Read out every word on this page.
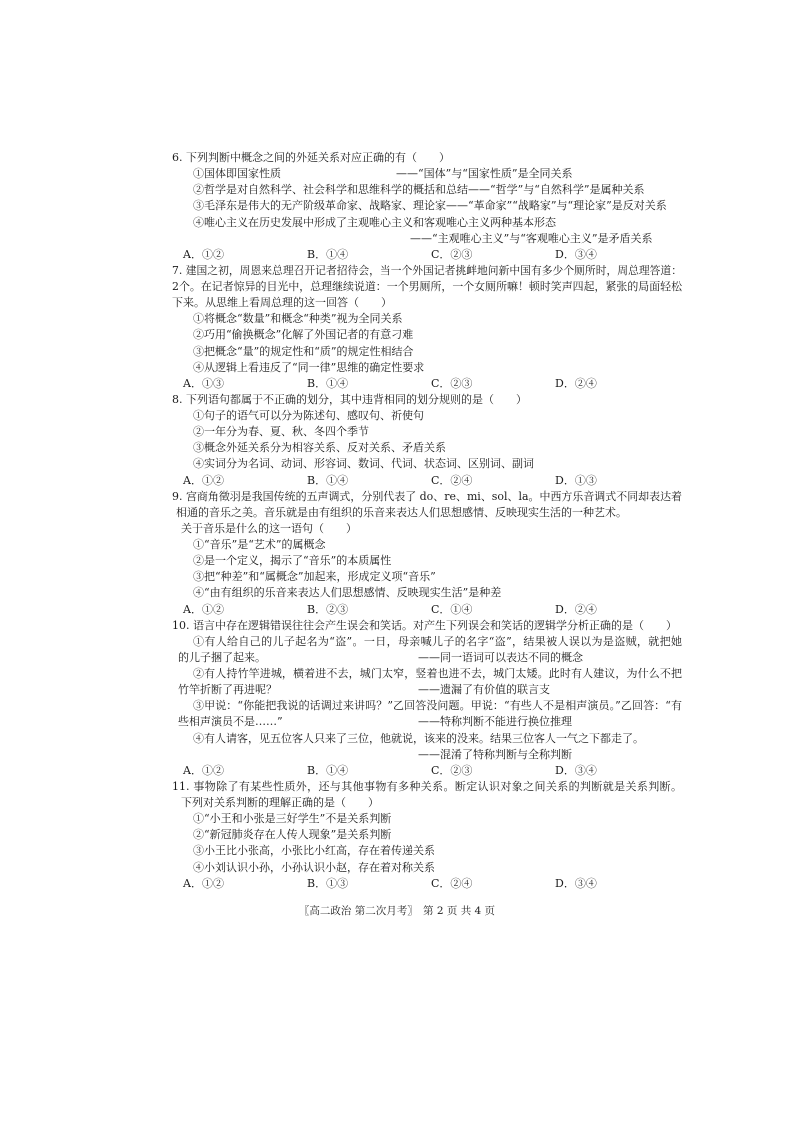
6. 下列判断中概念之间的外延关系对应正确的有（　　）
①国体即国家性质	——“国体”与“国家性质”是全同关系
②哲学是对自然科学、社会科学和思维科学的概括和总结——“哲学”与“自然科学”是属种关系
③毛泽东是伟大的无产阶级革命家、战略家、理论家——“革命家”“战略家”与“理论家”是反对关系
④唯心主义在历史发展中形成了主观唯心主义和客观唯心主义两种基本形态
——“主观唯心主义”与“客观唯心主义”是矛盾关系
A．①②	B．①④	C．②③	D．③④
7. 建国之初，周恩来总理召开记者招待会，当一个外国记者挑衅地问新中国有多少个厕所时，周总理答道：
2个。在记者惊异的目光中，总理继续说道：一个男厕所，一个女厕所嘛！顿时笑声四起，紧张的局面轻松
下来。从思维上看周总理的这一回答（　　）
①将概念“数量”和概念“种类”视为全同关系
②巧用“偷换概念”化解了外国记者的有意刁难
③把概念“量”的规定性和“质”的规定性相结合
④从逻辑上看违反了“同一律”思维的确定性要求
A．①③	B．①④	C．②③	D．②④
8. 下列语句都属于不正确的划分，其中违背相同的划分规则的是（　　）
①句子的语气可以分为陈述句、感叹句、祈使句
②一年分为春、夏、秋、冬四个季节
③概念外延关系分为相容关系、反对关系、矛盾关系
④实词分为名词、动词、形容词、数词、代词、状态词、区别词、副词
A．①②	B．①④	C．②④	D．①③
9. 宫商角徵羽是我国传统的五声调式，分别代表了 do、re、mi、sol、la。中西方乐音调式不同却表达着
相通的音乐之美。音乐就是由有组织的乐音来表达人们思想感情、反映现实生活的一种艺术。
关于音乐是什么的这一语句（　　）
①“音乐”是“艺术”的属概念
②是一个定义，揭示了“音乐”的本质属性
③把“种差”和“属概念”加起来，形成定义项“音乐”
④“由有组织的乐音来表达人们思想感情、反映现实生活”是种差
A．①②	B．②③	C．①④	D．②④
10. 语言中存在逻辑错误往往会产生误会和笑话。对产生下列误会和笑话的逻辑学分析正确的是（　　）
①有人给自己的儿子起名为“盗”。一日，母亲喊儿子的名字“盗”，结果被人误以为是盗贼，就把她
的儿子捆了起来。	——同一语词可以表达不同的概念
②有人持竹竿进城，横着进不去，城门太窄，竖着也进不去，城门太矮。此时有人建议，为什么不把
竹竿折断了再进呢？	——遗漏了有价值的联言支
③甲说：“你能把我说的话调过来讲吗？”乙回答没问题。甲说：“有些人不是相声演员。”乙回答：“有
些相声演员不是……”	——特称判断不能进行换位推理
④有人请客，见五位客人只来了三位，他就说，该来的没来。结果三位客人一气之下都走了。
——混淆了特称判断与全称判断
A．①②	B．①④	C．②③	D．③④
11. 事物除了有某些性质外，还与其他事物有多种关系。断定认识对象之间关系的判断就是关系判断。
下列对关系判断的理解正确的是（　　）
①“小王和小张是三好学生”不是关系判断
②“新冠肺炎存在人传人现象”是关系判断
③小王比小张高，小张比小红高，存在着传递关系
④小刘认识小孙，小孙认识小赵，存在着对称关系
A．①②	B．①③	C．②④	D．③④
〖高二政治 第二次月考〗　第 2 页 共 4 页
